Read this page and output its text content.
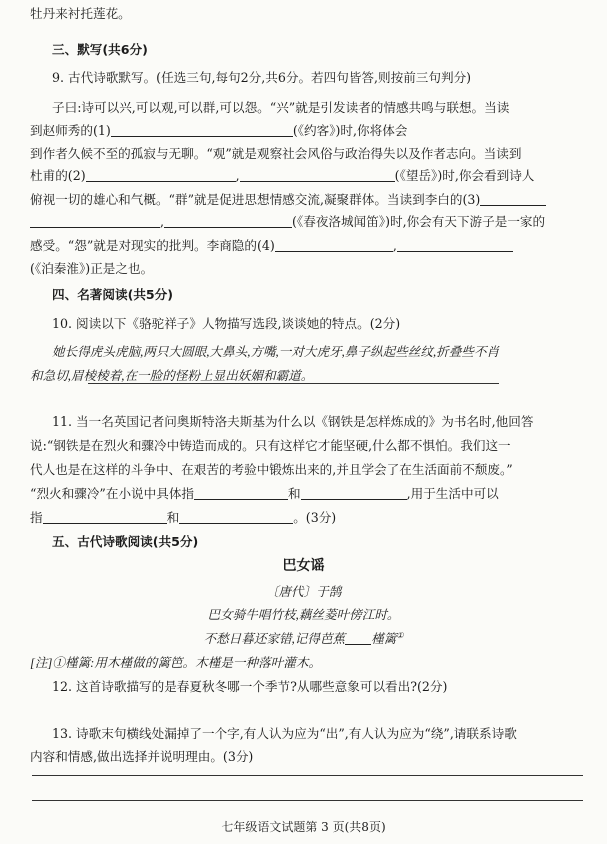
牡丹来衬托莲花。
三、默写(共6分)
9. 古代诗歌默写。(任选三句,每句2分,共6分。若四句皆答,则按前三句判分)
子曰:诗可以兴,可以观,可以群,可以怨。“兴”就是引发读者的情感共鸣与联想。当读
到赵师秀的(1)	(《约客》)时,你将体会
到作者久候不至的孤寂与无聊。“观”就是观察社会风俗与政治得失以及作者志向。当读到
杜甫的(2)	,	(《望岳》)时,你会看到诗人
俯视一切的雄心和气概。“群”就是促进思想情感交流,凝聚群体。当读到李白的(3)
,	(《春夜洛城闻笛》)时,你会有天下游子是一家的
感受。“怨”就是对现实的批判。李商隐的(4)	,
(《泊秦淮》)正是之也。
四、名著阅读(共5分)
10. 阅读以下《骆驼祥子》人物描写选段,谈谈她的特点。(2分)
她长得虎头虎脑,两只大圆眼,大鼻头,方嘴,一对大虎牙,鼻子纵起些丝纹,折叠些不肖
和急切,眉棱棱着,在一脸的怪粉上显出妖媚和霸道。
11. 当一名英国记者问奥斯特洛夫斯基为什么以《钢铁是怎样炼成的》为书名时,他回答
说:“钢铁是在烈火和骤冷中铸造而成的。只有这样它才能坚硬,什么都不惧怕。我们这一
代人也是在这样的斗争中、在艰苦的考验中锻炼出来的,并且学会了在生活面前不颓废。”
“烈火和骤冷”在小说中具体指	和	,用于生活中可以
指	和	。(3分)
五、古代诗歌阅读(共5分)
巴女谣
〔唐代〕于鹄
巴女骑牛唱竹枝,藕丝菱叶傍江时。
不愁日暮还家错,记得芭蕉 槿篱①
[注]①槿篱:用木槿做的篱笆。木槿是一种落叶灌木。
12. 这首诗歌描写的是春夏秋冬哪一个季节?从哪些意象可以看出?(2分)
13. 诗歌末句横线处漏掉了一个字,有人认为应为“出”,有人认为应为“绕”,请联系诗歌
内容和情感,做出选择并说明理由。(3分)
七年级语文试题第 3 页(共8页)
